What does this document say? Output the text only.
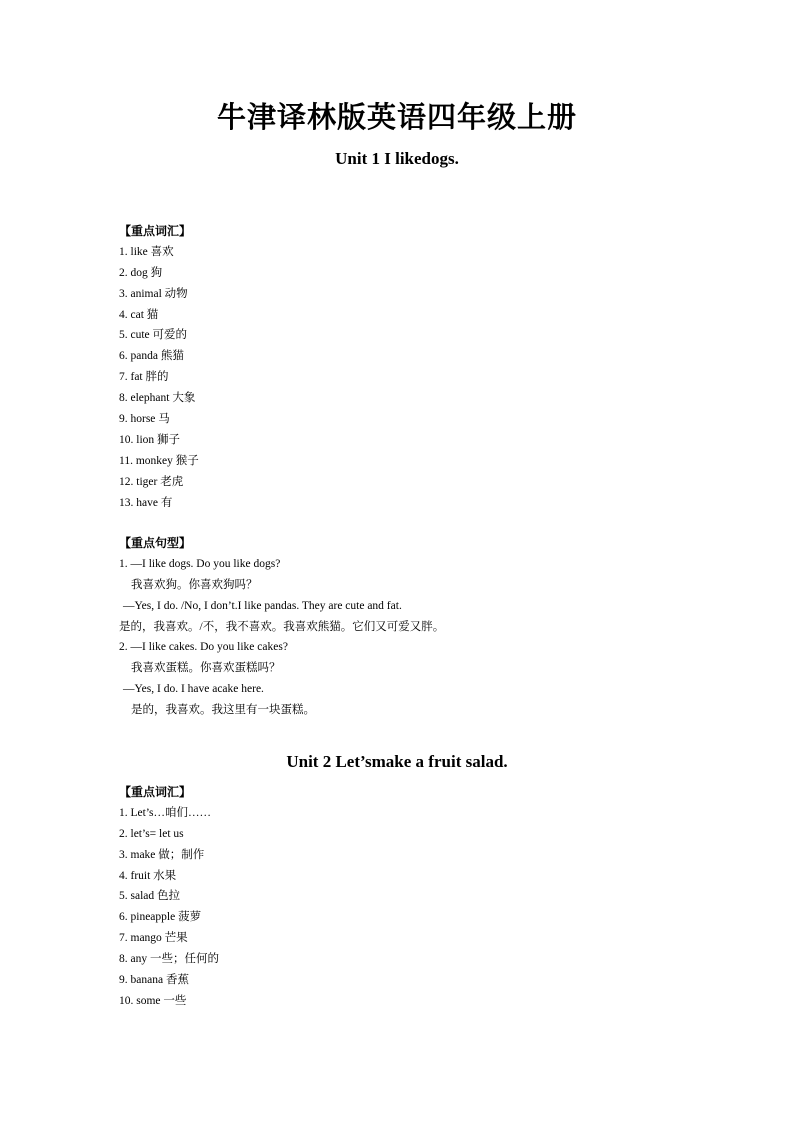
牛津译林版英语四年级上册
Unit 1 I likedogs.
【重点词汇】
1. like 喜欢
2. dog 狗
3. animal 动物
4. cat 猫
5. cute 可爱的
6. panda 熊猫
7. fat 胖的
8. elephant 大象
9. horse 马
10. lion 狮子
11. monkey 猴子
12. tiger 老虎
13. have 有
【重点句型】
1. —I like dogs. Do you like dogs?
我喜欢狗。你喜欢狗吗？
—Yes, I do. /No, I don’t.I like pandas. They are cute and fat.
是的，我喜欢。/不，我不喜欢。我喜欢熊猫。它们又可爱又胖。
2. —I like cakes. Do you like cakes?
我喜欢蛋糕。你喜欢蛋糕吗？
—Yes, I do. I have acake here.
是的，我喜欢。我这里有一块蛋糕。
Unit 2 Let’smake a fruit salad.
【重点词汇】
1. Let’s…咱们……
2. let’s= let us
3. make 做；制作
4. fruit 水果
5. salad 色拉
6. pineapple 菠萝
7. mango 芒果
8. any 一些；任何的
9. banana 香蕉
10. some 一些
